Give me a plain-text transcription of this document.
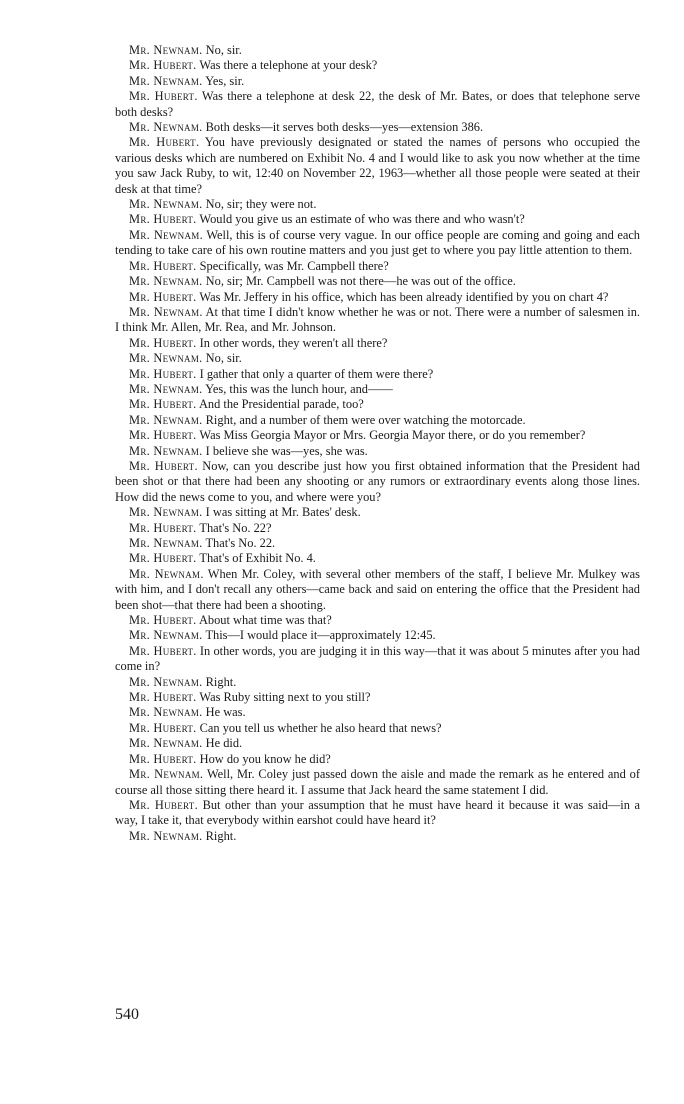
Mr. Newnam. No, sir.

Mr. Hubert. Was there a telephone at your desk?

Mr. Newnam. Yes, sir.

Mr. Hubert. Was there a telephone at desk 22, the desk of Mr. Bates, or does that telephone serve both desks?

Mr. Newnam. Both desks—it serves both desks—yes—extension 386.

Mr. Hubert. You have previously designated or stated the names of persons who occupied the various desks which are numbered on Exhibit No. 4 and I would like to ask you now whether at the time you saw Jack Ruby, to wit, 12:40 on November 22, 1963—whether all those people were seated at their desk at that time?

Mr. Newnam. No, sir; they were not.

Mr. Hubert. Would you give us an estimate of who was there and who wasn't?

Mr. Newnam. Well, this is of course very vague. In our office people are coming and going and each tending to take care of his own routine matters and you just get to where you pay little attention to them.

Mr. Hubert. Specifically, was Mr. Campbell there?

Mr. Newnam. No, sir; Mr. Campbell was not there—he was out of the office.

Mr. Hubert. Was Mr. Jeffery in his office, which has been already identified by you on chart 4?

Mr. Newnam. At that time I didn't know whether he was or not. There were a number of salesmen in. I think Mr. Allen, Mr. Rea, and Mr. Johnson.

Mr. Hubert. In other words, they weren't all there?

Mr. Newnam. No, sir.

Mr. Hubert. I gather that only a quarter of them were there?

Mr. Newnam. Yes, this was the lunch hour, and——

Mr. Hubert. And the Presidential parade, too?

Mr. Newnam. Right, and a number of them were over watching the motorcade.

Mr. Hubert. Was Miss Georgia Mayor or Mrs. Georgia Mayor there, or do you remember?

Mr. Newnam. I believe she was—yes, she was.

Mr. Hubert. Now, can you describe just how you first obtained information that the President had been shot or that there had been any shooting or any rumors or extraordinary events along those lines. How did the news come to you, and where were you?

Mr. Newnam. I was sitting at Mr. Bates' desk.

Mr. Hubert. That's No. 22?

Mr. Newnam. That's No. 22.

Mr. Hubert. That's of Exhibit No. 4.

Mr. Newnam. When Mr. Coley, with several other members of the staff, I believe Mr. Mulkey was with him, and I don't recall any others—came back and said on entering the office that the President had been shot—that there had been a shooting.

Mr. Hubert. About what time was that?

Mr. Newnam. This—I would place it—approximately 12:45.

Mr. Hubert. In other words, you are judging it in this way—that it was about 5 minutes after you had come in?

Mr. Newnam. Right.

Mr. Hubert. Was Ruby sitting next to you still?

Mr. Newnam. He was.

Mr. Hubert. Can you tell us whether he also heard that news?

Mr. Newnam. He did.

Mr. Hubert. How do you know he did?

Mr. Newnam. Well, Mr. Coley just passed down the aisle and made the remark as he entered and of course all those sitting there heard it. I assume that Jack heard the same statement I did.

Mr. Hubert. But other than your assumption that he must have heard it because it was said—in a way, I take it, that everybody within earshot could have heard it?

Mr. Newnam. Right.

540
